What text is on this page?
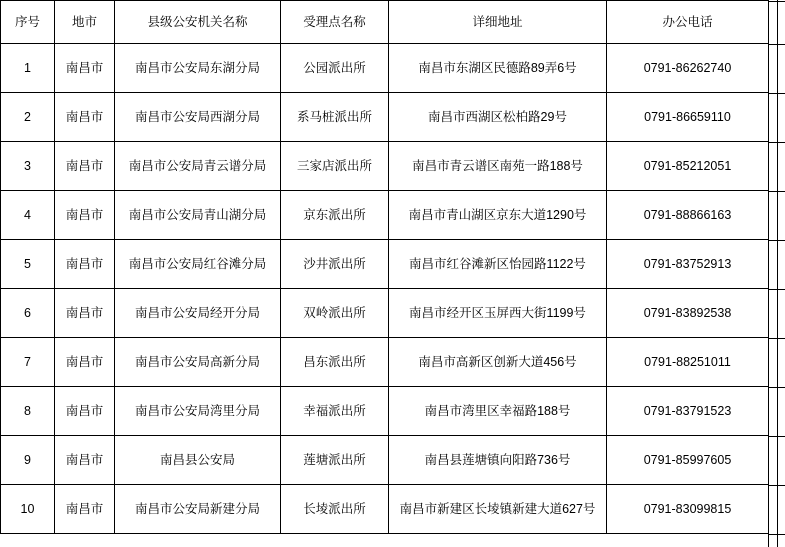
序号	地市	县级公安机关名称	受理点名称	详细地址	办公电话
1	南昌市	南昌市公安局东湖分局	公园派出所	南昌市东湖区民德路89弄6号	0791-86262740
2	南昌市	南昌市公安局西湖分局	系马桩派出所	南昌市西湖区松柏路29号	0791-86659110
3	南昌市	南昌市公安局青云谱分局	三家店派出所	南昌市青云谱区南苑一路188号	0791-85212051
4	南昌市	南昌市公安局青山湖分局	京东派出所	南昌市青山湖区京东大道1290号	0791-88866163
5	南昌市	南昌市公安局红谷滩分局	沙井派出所	南昌市红谷滩新区怡园路1122号	0791-83752913
6	南昌市	南昌市公安局经开分局	双岭派出所	南昌市经开区玉屏西大街1199号	0791-83892538
7	南昌市	南昌市公安局高新分局	昌东派出所	南昌市高新区创新大道456号	0791-88251011
8	南昌市	南昌市公安局湾里分局	幸福派出所	南昌市湾里区幸福路188号	0791-83791523
9	南昌市	南昌县公安局	莲塘派出所	南昌县莲塘镇向阳路736号	0791-85997605
10	南昌市	南昌市公安局新建分局	长堎派出所	南昌市新建区长堎镇新建大道627号	0791-83099815
